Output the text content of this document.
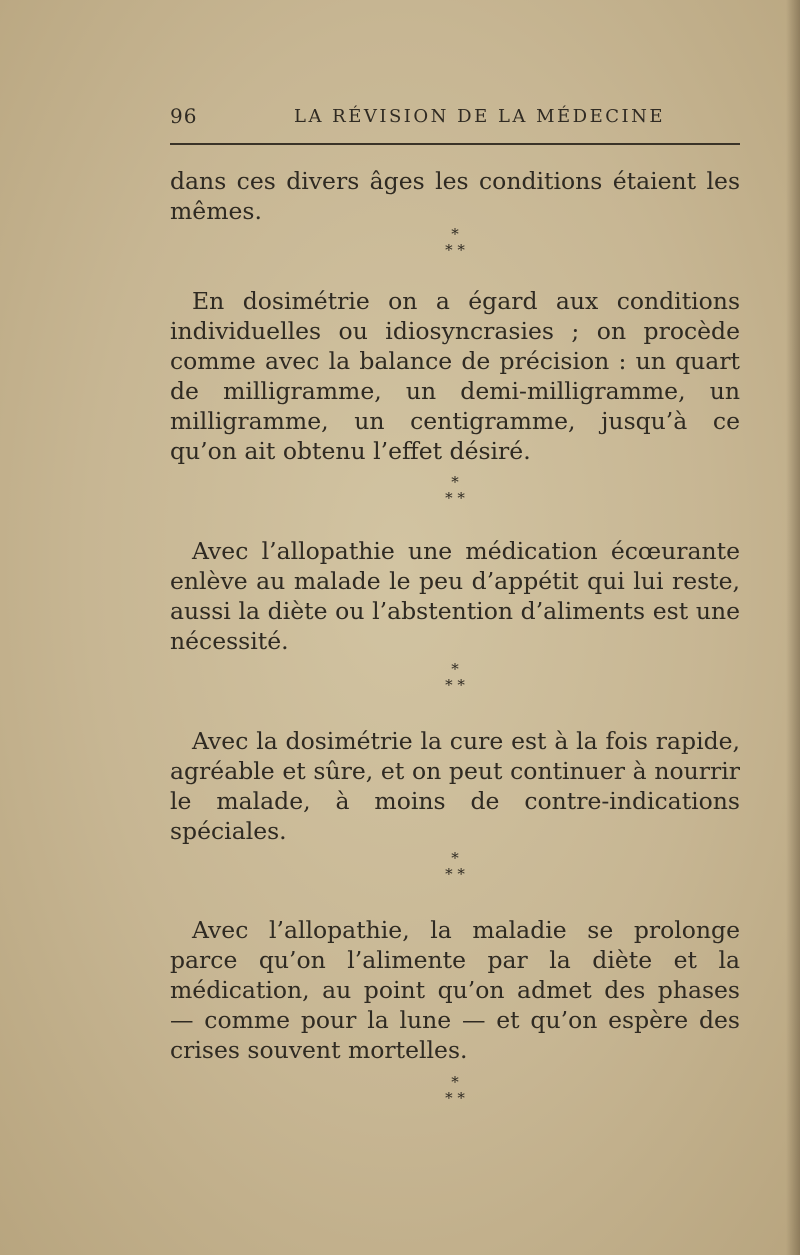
96	LA RÉVISION DE LA MÉDECINE

dans ces divers âges les conditions étaient les mêmes.

*
* *

En dosimétrie on a égard aux conditions individuelles ou idiosyncrasies ; on procède comme avec la balance de précision : un quart de milligramme, un demi-milligramme, un milligramme, un centigramme, jusqu’à ce qu’on ait obtenu l’effet désiré.

*
* *

Avec l’allopathie une médication écœurante enlève au malade le peu d’appétit qui lui reste, aussi la diète ou l’abstention d’aliments est une nécessité.

*
* *

Avec la dosimétrie la cure est à la fois rapide, agréable et sûre, et on peut continuer à nourrir le malade, à moins de contre-indications spéciales.

*
* *

Avec l’allopathie, la maladie se prolonge parce qu’on l’alimente par la diète et la médication, au point qu’on admet des phases — comme pour la lune — et qu’on espère des crises souvent mortelles.

*
* *
